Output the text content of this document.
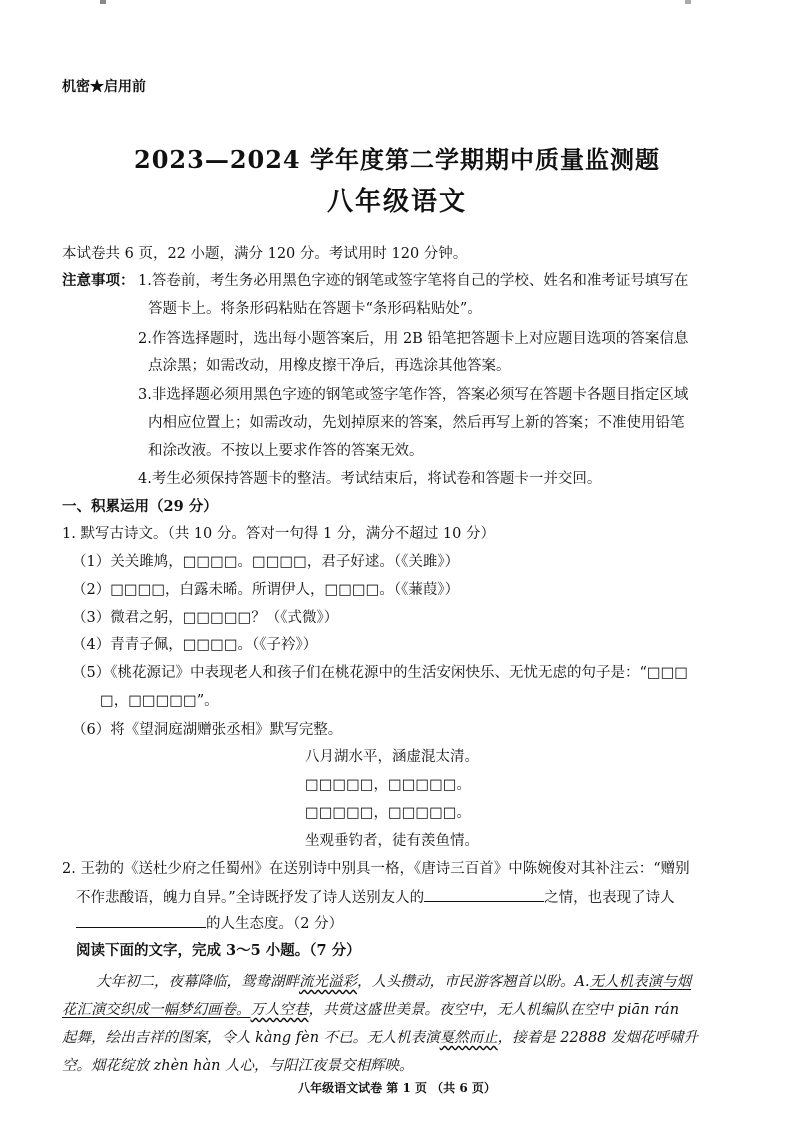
机密★启用前
2023—2024 学年度第二学期期中质量监测题
八年级语文
本试卷共 6 页，22 小题，满分 120 分。考试用时 120 分钟。
注意事项： 1.答卷前，考生务必用黑色字迹的钢笔或签字笔将自己的学校、姓名和准考证号填写在
答题卡上。将条形码粘贴在答题卡“条形码粘贴处”。
2.作答选择题时，选出每小题答案后，用 2B 铅笔把答题卡上对应题目选项的答案信息
点涂黑；如需改动，用橡皮擦干净后，再选涂其他答案。
3.非选择题必须用黑色字迹的钢笔或签字笔作答，答案必须写在答题卡各题目指定区域
内相应位置上；如需改动，先划掉原来的答案，然后再写上新的答案；不准使用铅笔
和涂改液。不按以上要求作答的答案无效。
4.考生必须保持答题卡的整洁。考试结束后，将试卷和答题卡一并交回。
一、积累运用（29 分）
1. 默写古诗文。（共 10 分。答对一句得 1 分，满分不超过 10 分）
（1）关关雎鸠，□□□□。□□□□，君子好逑。（《关雎》）
（2）□□□□，白露未晞。所谓伊人，□□□□。（《蒹葭》）
（3）微君之躬，□□□□□？（《式微》）
（4）青青子佩，□□□□。（《子衿》）
（5）《桃花源记》中表现老人和孩子们在桃花源中的生活安闲快乐、无忧无虑的句子是：“□□□
□，□□□□□”。
（6）将《望洞庭湖赠张丞相》默写完整。
八月湖水平，涵虚混太清。
□□□□□，□□□□□。
□□□□□，□□□□□。
坐观垂钓者，徒有羡鱼情。
2. 王勃的《送杜少府之任蜀州》在送别诗中别具一格，《唐诗三百首》中陈婉俊对其补注云：“赠别
不作悲酸语，魄力自异。”全诗既抒发了诗人送别友人的	之情，也表现了诗人
的人生态度。（2 分）
阅读下面的文字，完成 3～5 小题。（7 分）
大年初二，夜幕降临，鸳鸯湖畔流光溢彩，人头攒动，市民游客翘首以盼。A.无人机表演与烟
花汇演交织成一幅梦幻画卷。万人空巷，共赏这盛世美景。夜空中，无人机编队在空中 piān rán
起舞，绘出吉祥的图案，令人 kàng fèn 不已。无人机表演戛然而止，接着是 22888 发烟花呼啸升
空。烟花绽放 zhèn hàn 人心，与阳江夜景交相辉映。
八年级语文试卷 第 1 页 （共 6 页）
